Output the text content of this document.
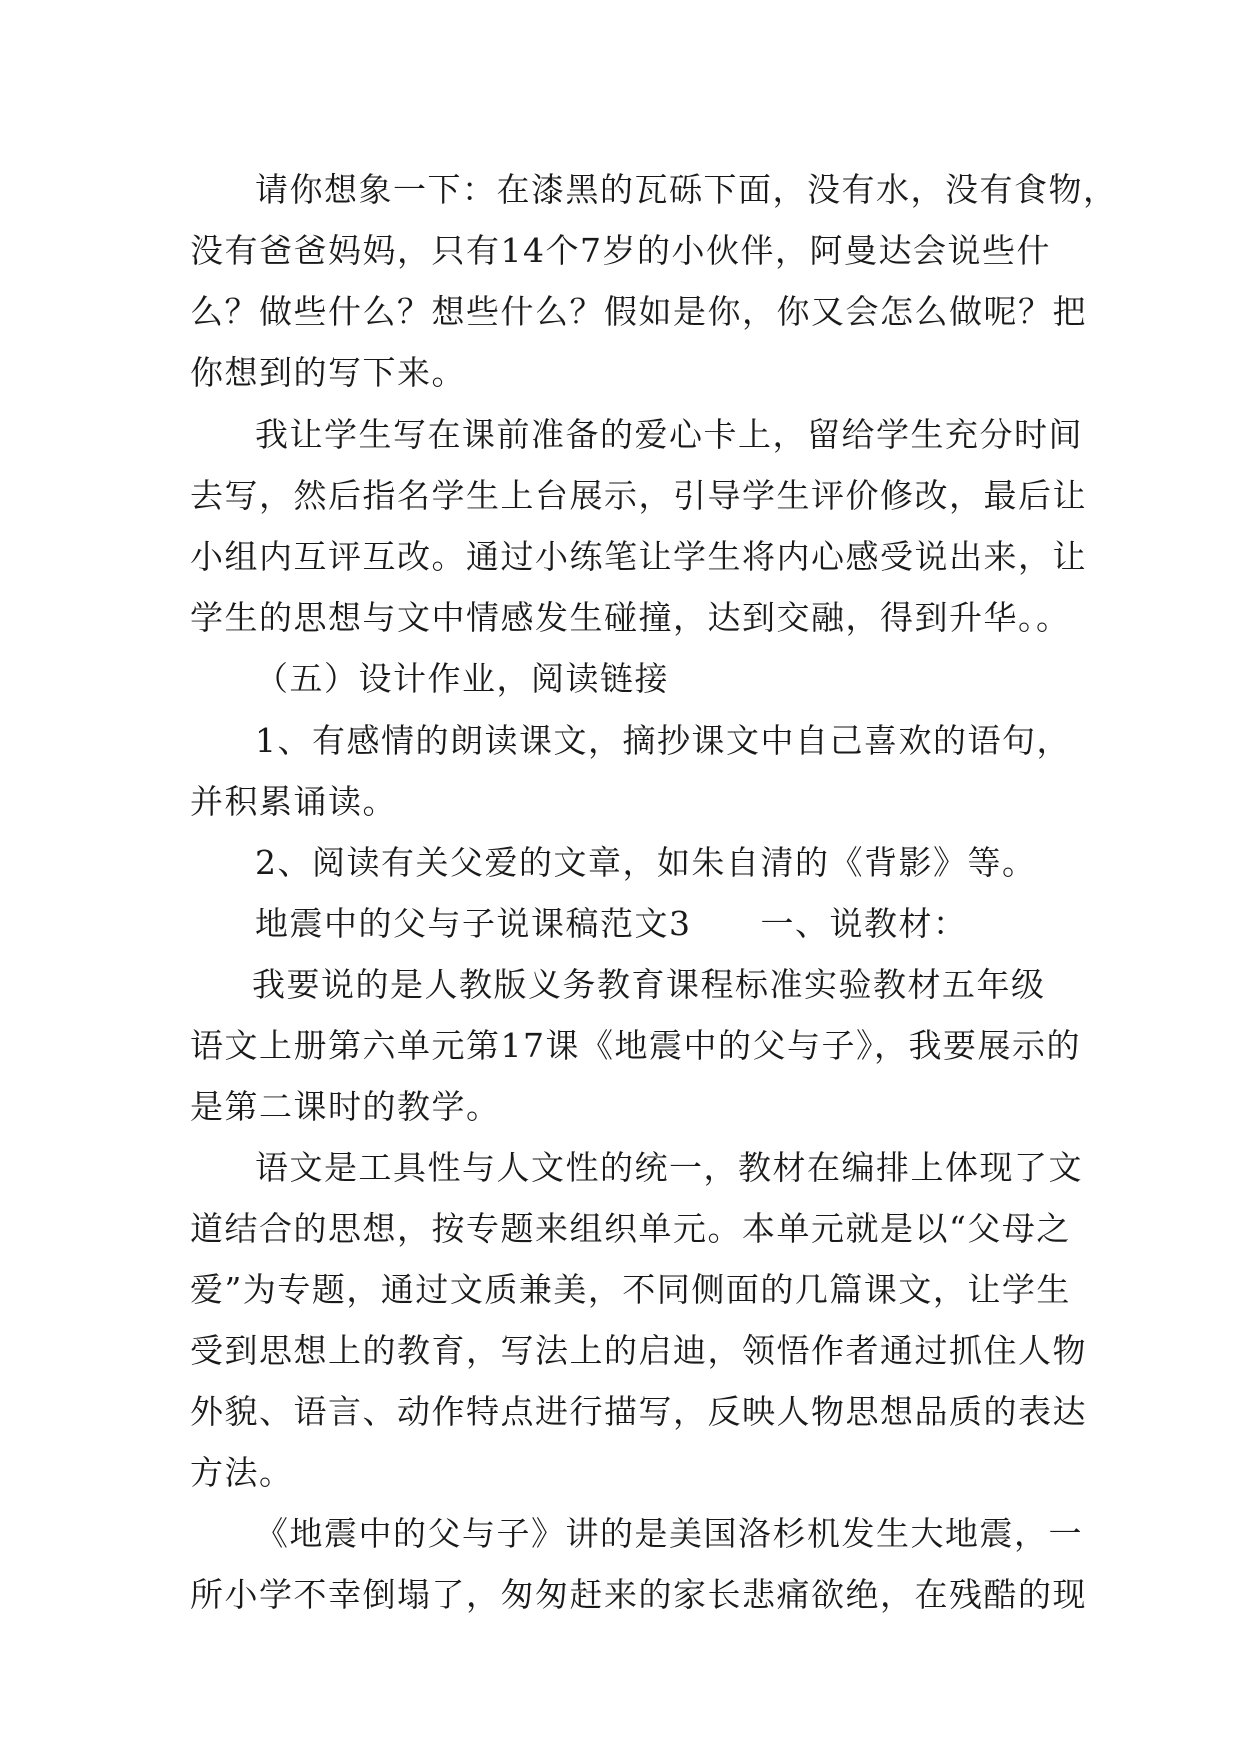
请你想象一下：在漆黑的瓦砾下面，没有水，没有食物，
没有爸爸妈妈，只有14个7岁的小伙伴，阿曼达会说些什
么？做些什么？想些什么？假如是你，你又会怎么做呢？把
你想到的写下来。
我让学生写在课前准备的爱心卡上，留给学生充分时间
去写，然后指名学生上台展示，引导学生评价修改，最后让
小组内互评互改。通过小练笔让学生将内心感受说出来，让
学生的思想与文中情感发生碰撞，达到交融，得到升华。。
（五）设计作业，阅读链接
1、有感情的朗读课文，摘抄课文中自己喜欢的语句，
并积累诵读。
2、阅读有关父爱的文章，如朱自清的《背影》等。
地震中的父与子说课稿范文3　　一、说教材：
我要说的是人教版义务教育课程标准实验教材五年级
语文上册第六单元第17课《地震中的父与子》，我要展示的
是第二课时的教学。
语文是工具性与人文性的统一，教材在编排上体现了文
道结合的思想，按专题来组织单元。本单元就是以“父母之
爱”为专题，通过文质兼美，不同侧面的几篇课文，让学生
受到思想上的教育，写法上的启迪，领悟作者通过抓住人物
外貌、语言、动作特点进行描写，反映人物思想品质的表达
方法。
《地震中的父与子》讲的是美国洛杉机发生大地震，一
所小学不幸倒塌了，匆匆赶来的家长悲痛欲绝，在残酷的现
